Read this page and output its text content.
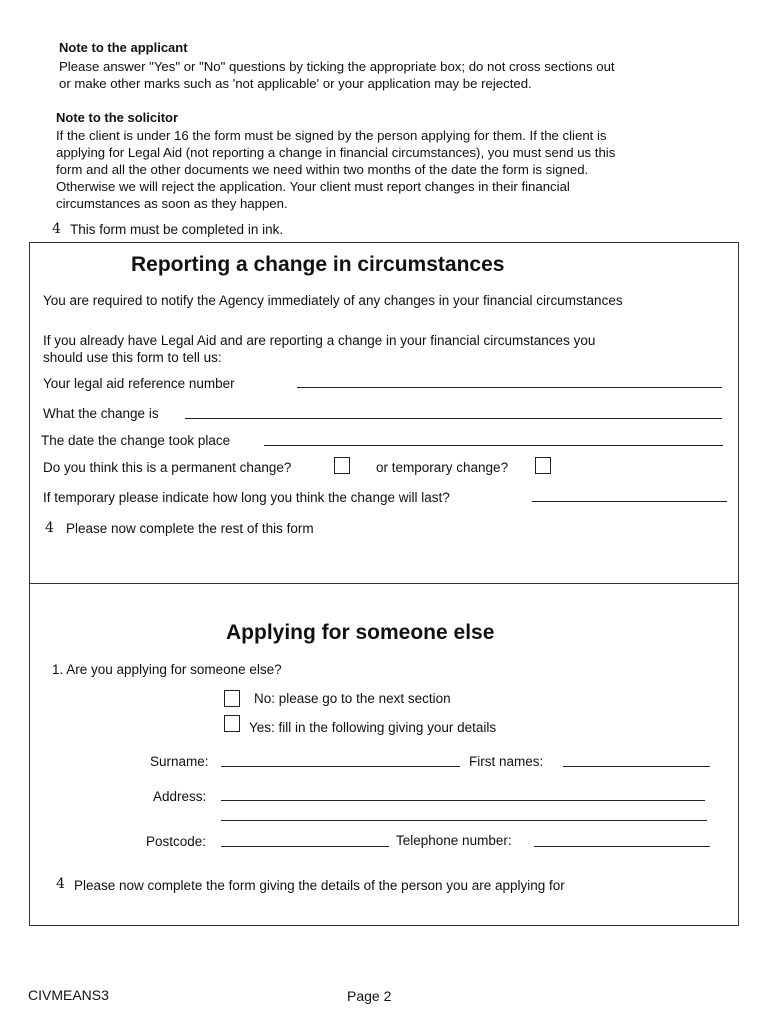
Note to the applicant
Please answer "Yes" or "No" questions by ticking the appropriate box; do not cross sections out
or make other marks such as 'not applicable' or your application may be rejected.
Note to the solicitor
If the client is under 16 the form must be signed by the person applying for them. If the client is
applying for Legal Aid (not reporting a change in financial circumstances), you must send us this
form and all the other documents we need within two months of the date the form is signed.
Otherwise we will reject the application. Your client must report changes in their financial
circumstances as soon as they happen.
4 This form must be completed in ink.
Reporting a change in circumstances
You are required to notify the Agency immediately of any changes in your financial circumstances
If you already have Legal Aid and are reporting a change in your financial circumstances you
should use this form to tell us:
Your legal aid reference number
What the change is
The date the change took place
Do you think this is a permanent change?	or temporary change?
If temporary please indicate how long you think the change will last?
4 Please now complete the rest of this form
Applying for someone else
1. Are you applying for someone else?
No: please go to the next section
Yes: fill in the following giving your details
Surname:	First names:
Address:
Postcode:	Telephone number:
4 Please now complete the form giving the details of the person you are applying for
CIVMEANS3	Page 2
